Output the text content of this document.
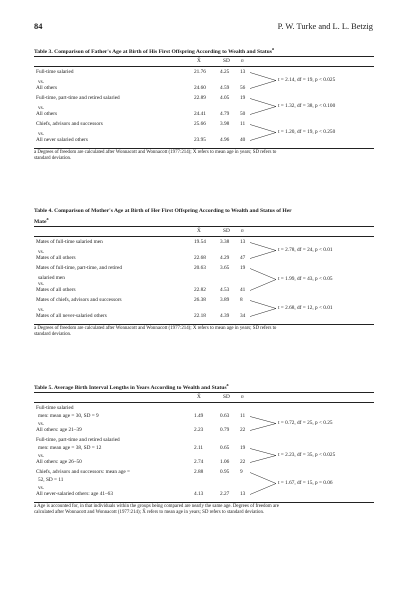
84	P. W. Turke and L. L. Betzig
Table 3. Comparison of Father's Age at Birth of His First Offspring According to Wealth and Status$^a$
X̄	SD n
Full-time salaried	21.76	4.25 13
vs.
All others	24.60	4.59 56
Full-time, part-time and retired salaried	22.89	4.05 19
vs.
All others	24.41	4.79 50
Chiefs, advisors and successors	25.66	3.98 11
vs.
All never salaried others	23.95	4.96 40
t = 2.14, df = 19, p < 0.025
t = 1.32, df = 38, p < 0.100
t = 1.20, df = 19, p < 0.250
a Degrees of freedom are calculated after Wonnacott and Wonnacott (1977:214); X̄ refers to mean age in years; SD refers to
standard deviation.
Table 4. Comparison of Mother's Age at Birth of Her First Offspring According to Wealth and Status of Her
Mate$^a$
X̄	SD n
Mates of full-time salaried men	19.54	3.38 13
vs.
Mates of all others	22.68	4.29 47
Mates of full-time, part-time, and retired	20.63	3.65 19
salaried men
vs.
Mates of all others	22.82	4.53 41
Mates of chiefs, advisors and successors	26.38	3.89 8
vs.
Mates of all never-salaried others	22.18	4.39 34
t = 2.78, df = 24, p < 0.01
t = 1.99, df = 43, p < 0.05
t = 2.68, df = 12, p < 0.01
a Degrees of freedom are calculated after Wonnacott and Wonnacott (1977:214); X̄ refers to mean age in years; SD refers to
standard deviation.
Table 5. Average Birth Interval Lengths in Years According to Wealth and Status$^a$
X̄	SD n
Full-time salaried
men: mean age = 30, SD = 9	1.49	0.63 11
vs.
All others: age 21–39	2.23	0.79 22
Full-time, part-time and retired salaried
men: mean age = 38, SD = 12	2.11	0.65 19
vs.
All others: age 26–50	2.74	1.06 22
Chiefs, advisors and successors: mean age =	2.88	0.95 9
52, SD = 11
vs.
All never-salaried others: age 41–63	4.13	2.27 13
t = 0.72, df = 25, p < 0.25
t = 2.23, df = 35, p < 0.025
t = 1.67, df = 15, p = 0.06
a Age is accounted for, in that individuals within the groups being compared are nearly the same age. Degrees of freedom are
calculated after Wonnacott and Wonnacott (1977:214); X̄ refers to mean age in years; SD refers to standard deviation.
